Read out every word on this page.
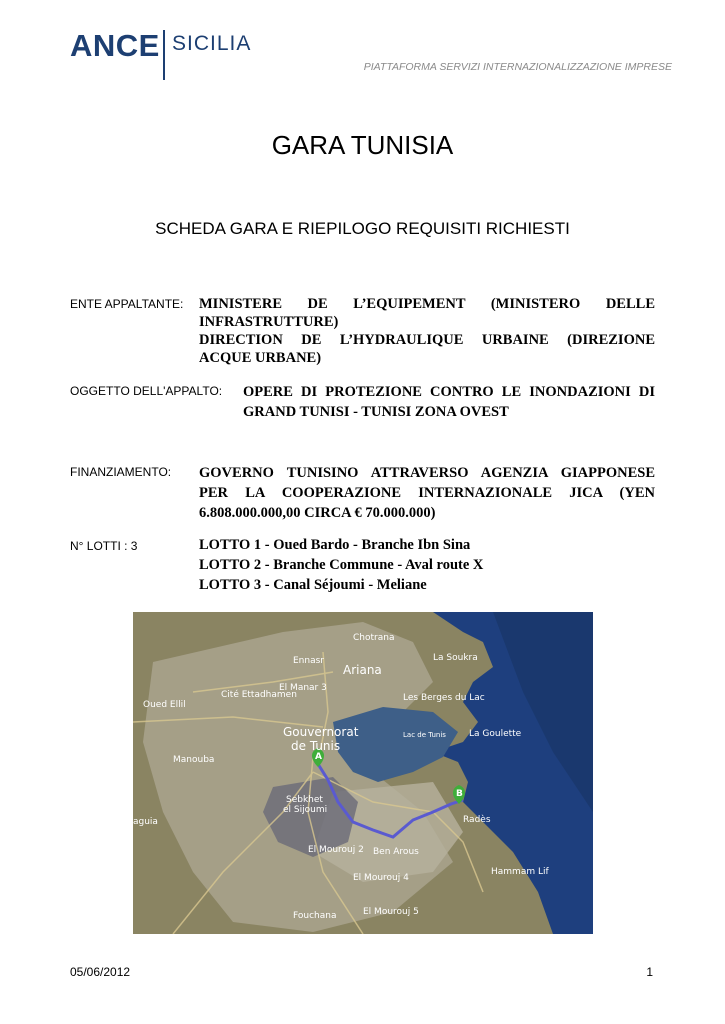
ANCE SICILIA
PIATTAFORMA SERVIZI INTERNAZIONALIZZAZIONE IMPRESE
GARA TUNISIA
SCHEDA GARA E RIEPILOGO REQUISITI RICHIESTI
ENTE APPALTANTE: MINISTERE DE L’EQUIPEMENT (MINISTERO DELLE
INFRASTRUTTURE)
DIRECTION DE L’HYDRAULIQUE URBAINE (DIREZIONE
ACQUE URBANE)
OGGETTO DELL'APPALTO: OPERE DI PROTEZIONE CONTRO LE INONDAZIONI DI
GRAND TUNISI - TUNISI ZONA OVEST
FINANZIAMENTO: GOVERNO TUNISINO ATTRAVERSO AGENZIA GIAPPONESE
PER LA COOPERAZIONE INTERNAZIONALE JICA (YEN
6.808.000.000,00 CIRCA € 70.000.000)
N° LOTTI : 3	LOTTO 1 - Oued Bardo - Branche Ibn Sina
LOTTO 2 - Branche Commune - Aval route X
LOTTO 3 - Canal Séjoumi - Meliane
A
B
Chotrana
Ennasr
Ariana
La Soukra
Les Berges du Lac
El Manar 3
Cité Ettadhamen
Oued Ellil
Gouvernorat
de Tunis
Lac de Tunis	La Goulette
Manouba
Sebkhet
el Sijoumi
Radès
El Mourouj 2 Ben Arous
Hammam Lif
El Mourouj 4
El Mourouj 5
Fouchana
aguia
05/06/2012	1
